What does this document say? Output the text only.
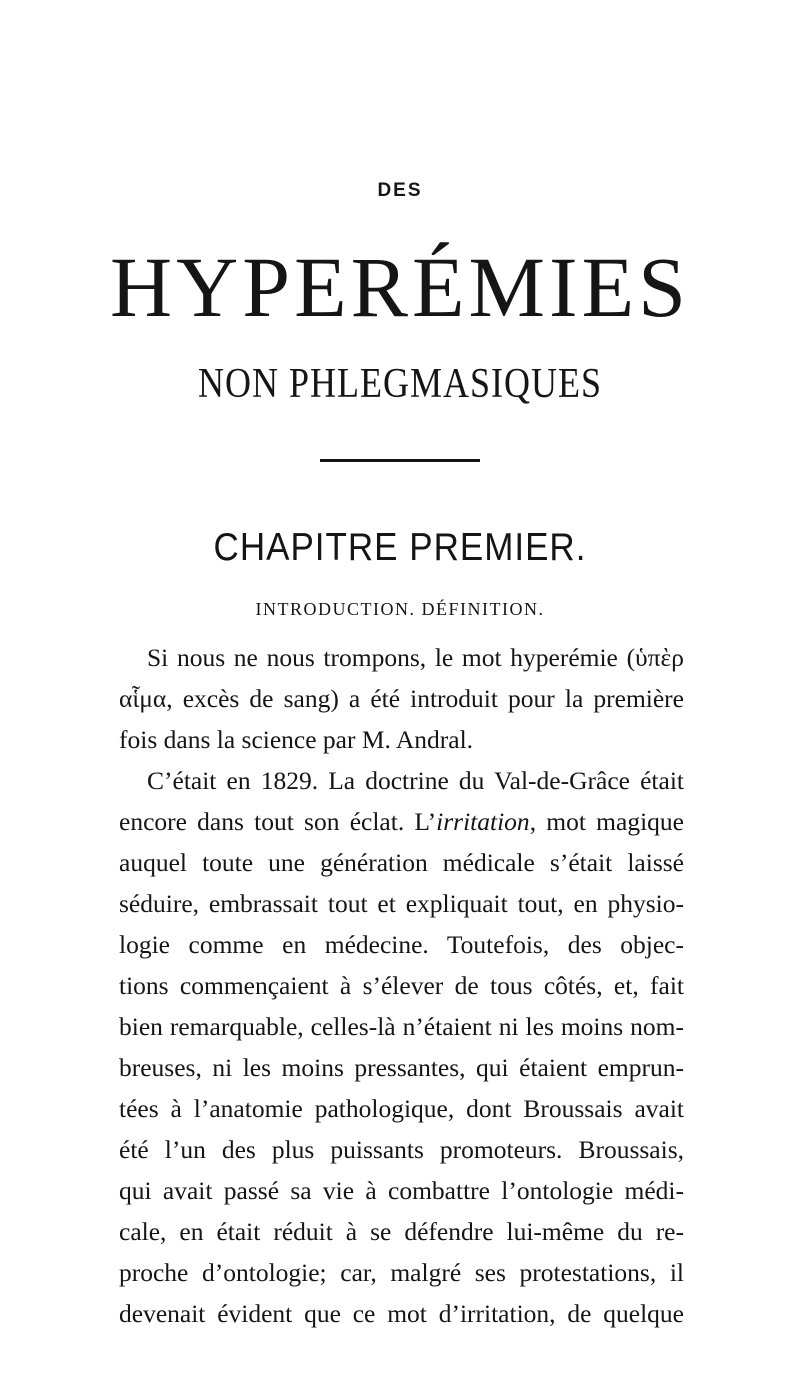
DES
HYPERÉMIES
NON PHLEGMASIQUES
CHAPITRE PREMIER.
INTRODUCTION. DÉFINITION.
Si nous ne nous trompons, le mot hyperémie (ὑπὲρ
αἷμα, excès de sang) a été introduit pour la première
fois dans la science par M. Andral.
C’était en 1829. La doctrine du Val-de-Grâce était
encore dans tout son éclat. L’irritation, mot magique
auquel toute une génération médicale s’était laissé
séduire, embrassait tout et expliquait tout, en physio-
logie comme en médecine. Toutefois, des objec-
tions commençaient à s’élever de tous côtés, et, fait
bien remarquable, celles-là n’étaient ni les moins nom-
breuses, ni les moins pressantes, qui étaient emprun-
tées à l’anatomie pathologique, dont Broussais avait
été l’un des plus puissants promoteurs. Broussais,
qui avait passé sa vie à combattre l’ontologie médi-
cale, en était réduit à se défendre lui-même du re-
proche d’ontologie; car, malgré ses protestations, il
devenait évident que ce mot d’irritation, de quelque
